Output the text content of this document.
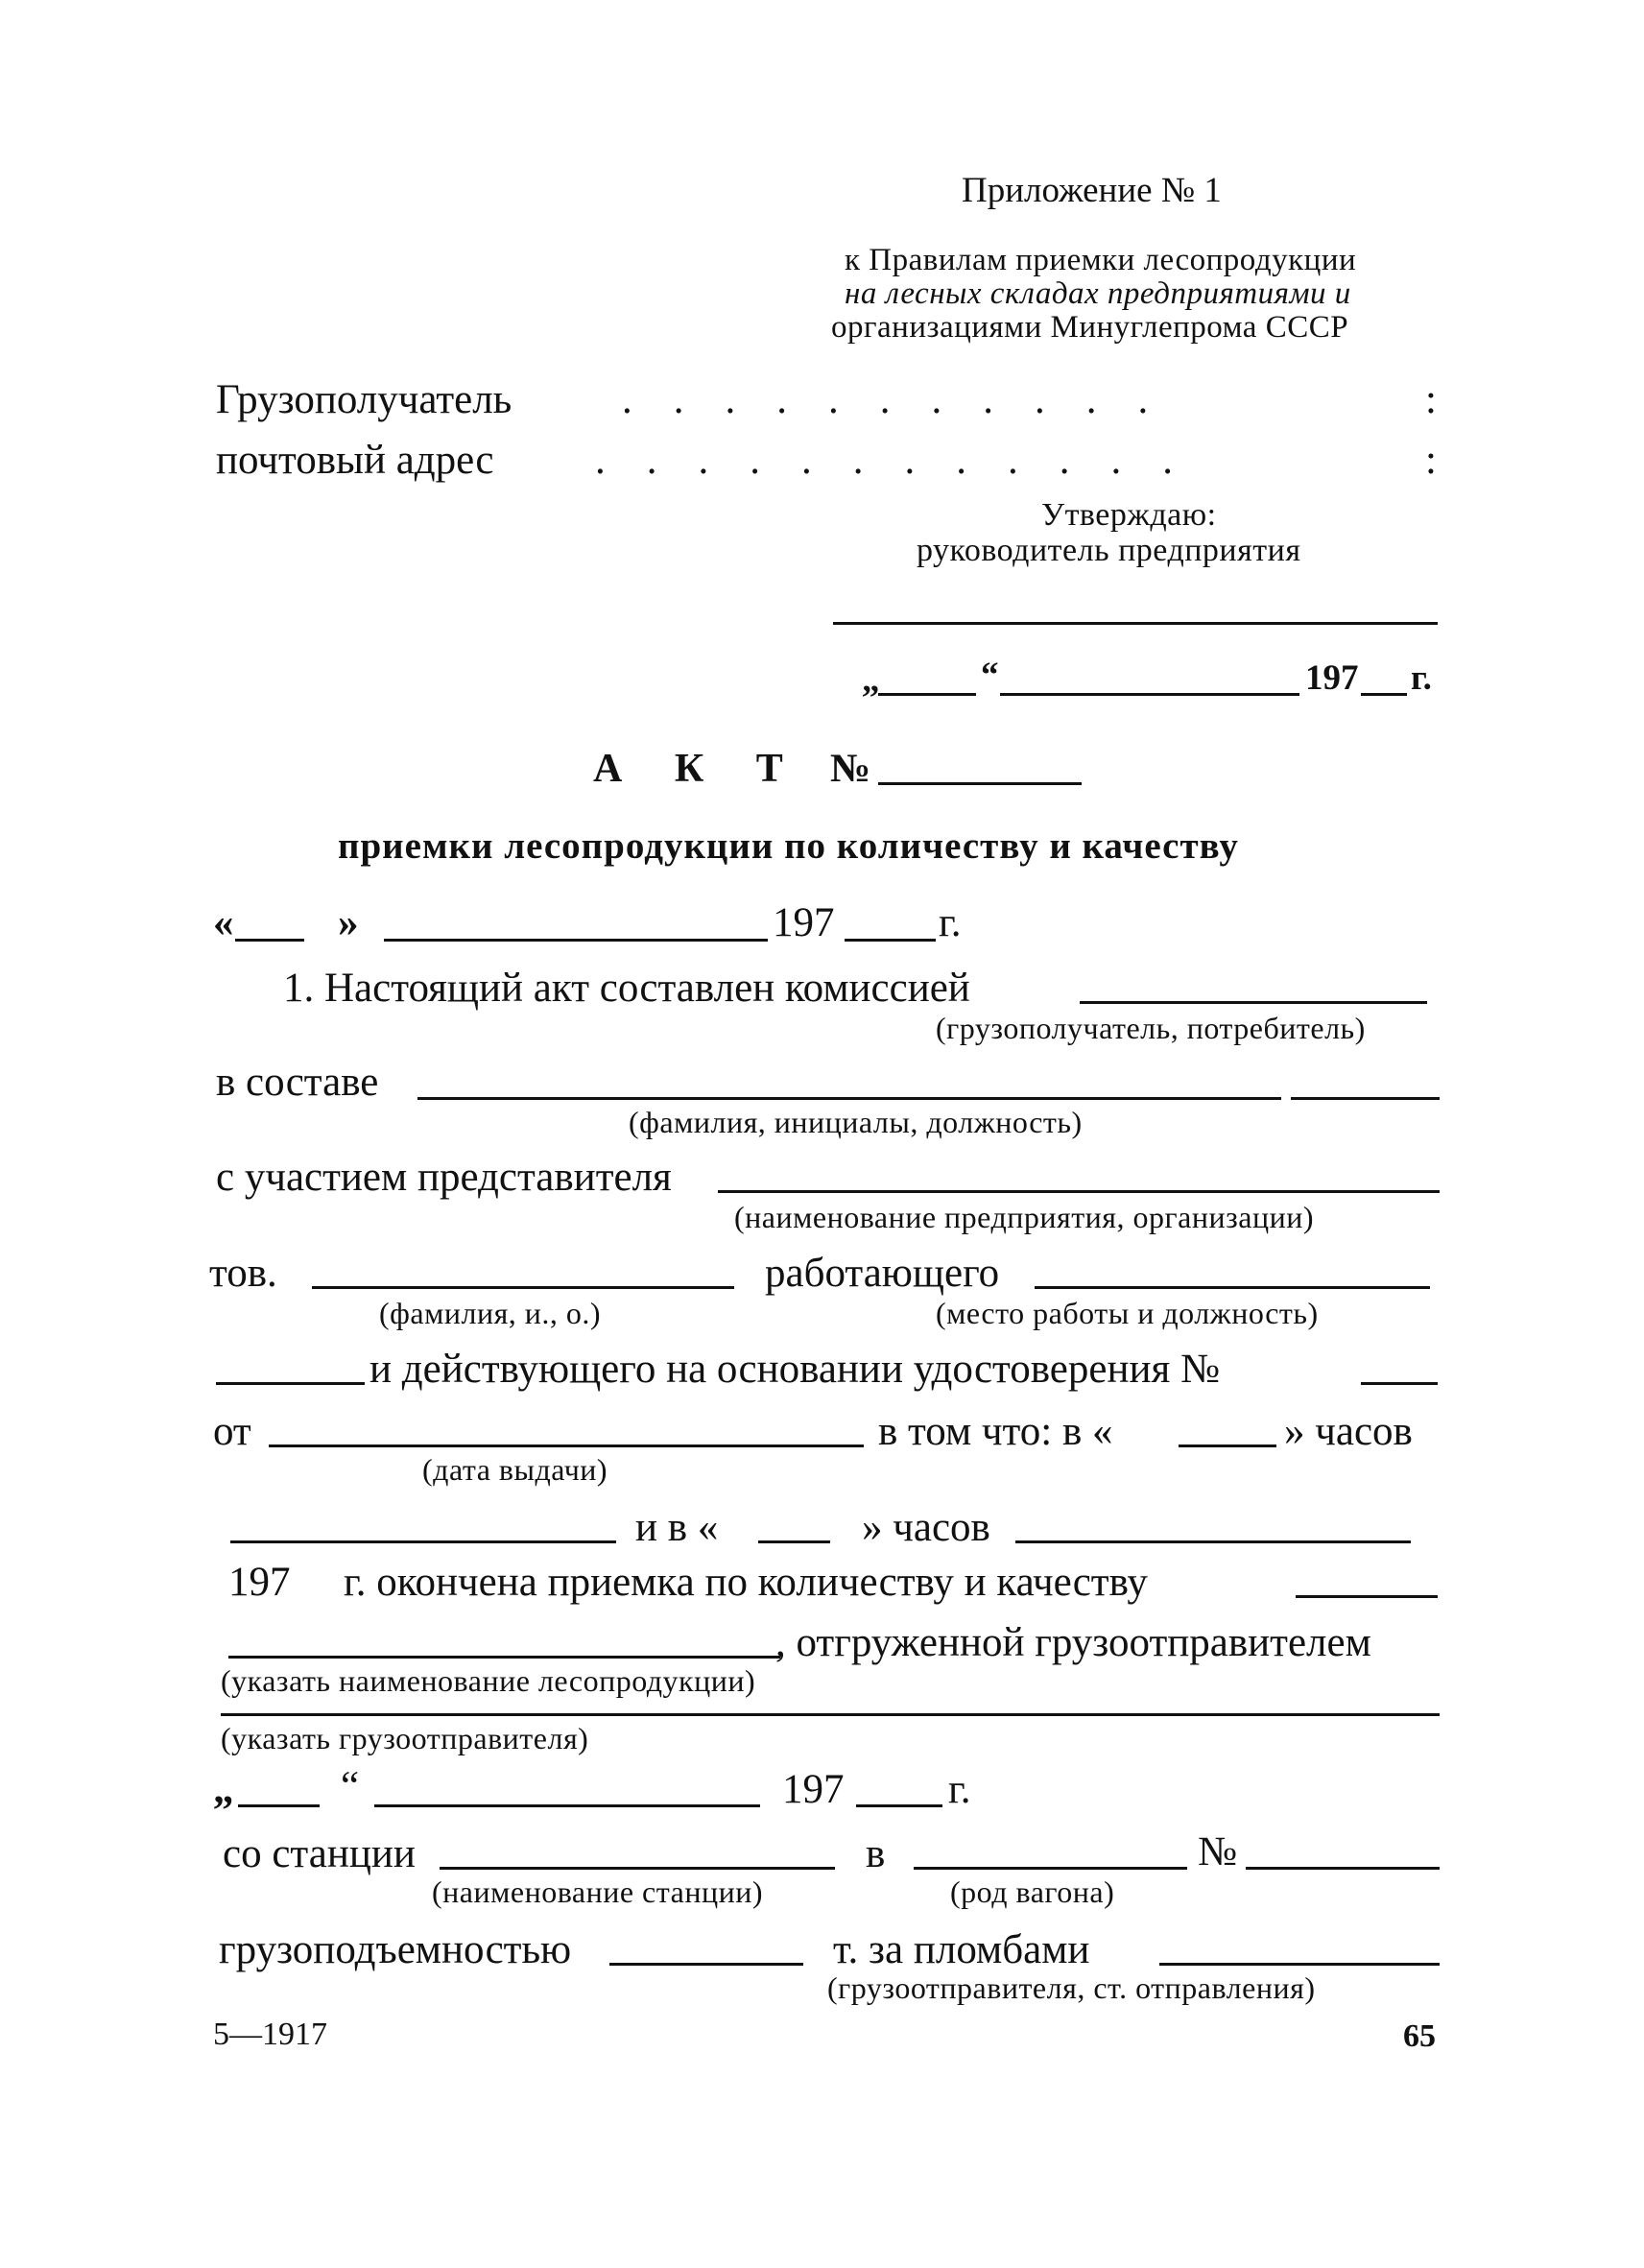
Приложение № 1
к Правилам приемки лесопродукции
на лесных складах предприятиями и
организациями Минуглепрома СССР
Грузополучатель	.    .    .    .    .    .    .    .    .    .    .	:
почтовый адрес .    .    .    .    .    .    .    .    .    .    .    .	:
Утверждаю:
руководитель предприятия
„	“	197 г.
А К Т №
приемки лесопродукции по количеству и качеству
«	»	197	г.
1. Настоящий акт составлен комиссией
(грузополучатель, потребитель)
в составе
(фамилия, инициалы, должность)
с участием представителя
(наименование предприятия, организации)
тов.	работающего
(фамилия, и., о.)	(место работы и должность)
и действующего на основании удостоверения №
от	в том что: в «	» часов
(дата выдачи)
и в «	» часов
197 г. окончена приемка по количеству и качеству
, отгруженной грузоотправителем
(указать наименование лесопродукции)
(указать грузоотправителя)
„	“	197	г.
со станции	в	№
(наименование станции)	(род вагона)
грузоподъемностью	т. за пломбами
(грузоотправителя, ст. отправления)
5—1917	65
